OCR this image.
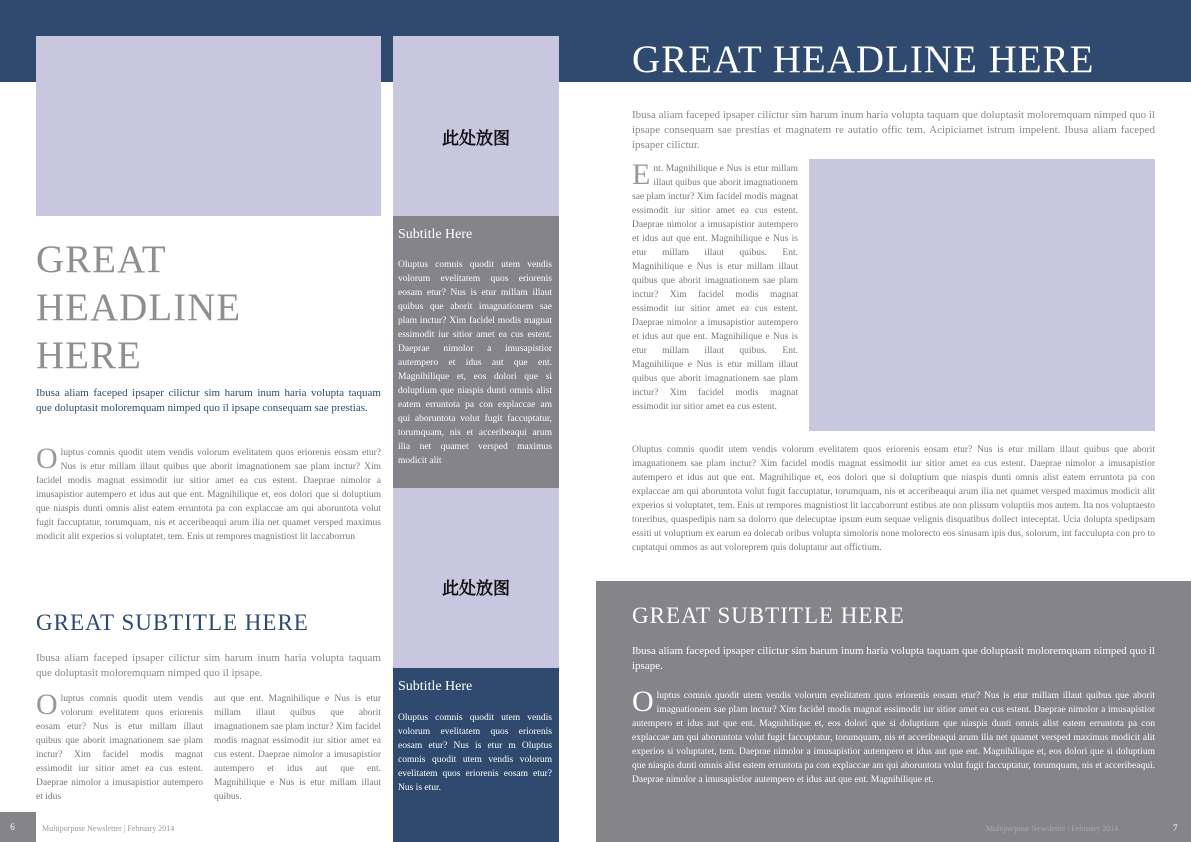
GREAT HEADLINE HERE
Ibusa aliam faceped ipsaper cilictur sim harum inum haria volupta taquam que doluptasit moloremquam nimped quo il ipsape consequam sae prestias.
Oluptus comnis quodit utem vendis volorum evelitatem quos eriorenis eosam etur? Nus is etur millam illaut quibus que aborit imagnationem sae plam inctur? Xim facidel modis magnat essimodit iur sitior amet ea cus estent. Daeprae nimolor a imusapistior autempero et idus aut que ent. Magnihilique et, eos dolori que si doluptium que niaspis dunti omnis alist eatem erruntota pa con explaccae am qui aboruntota volut fugit faccuptatur, torumquam, nis et acceribeaqui arum ilia net quamet versped maximus modicit alit experios si voluptatet, tem. Enis ut rempores magnistiost lit laccaborrun
GREAT SUBTITLE HERE
Ibusa aliam faceped ipsaper cilictur sim harum inum haria volupta taquam que doluptasit moloremquam nimped quo il ipsape.
Oluptus comnis quodit utem vendis volorum evelitatem quos eriorenis eosam etur? Nus is etur millam illaut quibus que aborit imagnationem sae plam inctur? Xim facidel modis magnat essimodit iur sitior amet ea cus estent. Daeprae nimolor a imusapistior autempero et idus
aut que ent. Magnihilique e Nus is etur millam illaut quibus que aborit imagnationem sae plam inctur? Xim facidel modis magnat essimodit iur sitior amet ea cus estent. Daeprae nimolor a imusapistior autempero et idus aut que ent. Magnihilique e Nus is etur millam illaut quibus.
6	Multiporpose Newsletter | February 2014
此处放图
Subtitle Here
Oluptus comnis quodit utem vendis volorum evelitatem quos eriorenis eosam etur? Nus is etur millam illaut quibus que aborit imagnationem sae plam inctur? Xim facidel modis magnat essimodit iur sitior amet ea cus estent. Daeprae nimolor a imusapistior autempero et idus aut que ent. Magnihilique et, eos dolori que si doluptium que niaspis dunti omnis alist eatem erruntota pa con explaccae am qui aboruntota volut fugit faccuptatur, torumquam, nis et acceribeaqui arum ilia net quamet versped maximus modicit alit
此处放图
Subtitle Here
Oluptus comnis quodit utem vendis volorum evelitatem quos eriorenis eosam etur? Nus is etur m Oluptus comnis quodit utem vendis volorum evelitatem quos eriorenis eosam etur? Nus is etur.
GREAT HEADLINE HERE
Ibusa aliam faceped ipsaper cilictur sim harum inum haria volupta taquam que doluptasit moloremquam nimped quo il ipsape consequam sae prestias et magnatem re autatio offic tem. Acipiciamet istrum impelent. Ibusa aliam faceped ipsaper cilictur.
Ent. Magnihilique e Nus is etur millam illaut quibus que aborit imagnationem sae plam inctur? Xim facidel modis magnat essimodit iur sitior amet ea cus estent. Daeprae nimolor a imusapistior autempero et idus aut que ent. Magnihilique e Nus is etur millam illaut quibus. Ent. Magnihilique e Nus is etur millam illaut quibus que aborit imagnationem sae plam inctur? Xim facidel modis magnat essimodit iur sitior amet ea cus estent. Daeprae nimolor a imusapistior autempero et idus aut que ent. Magnihilique e Nus is etur millam illaut quibus. Ent. Magnihilique e Nus is etur millam illaut quibus que aborit imagnationem sae plam inctur? Xim facidel modis magnat essimodit iur sitior amet ea cus estent.
Oluptus comnis quodit utem vendis volorum evelitatem quos eriorenis eosam etur? Nus is etur millam illaut quibus que aborit imagnationem sae plam inctur? Xim facidel modis magnat essimodit iur sitior amet ea cus estent. Daeprae nimolor a imusapistior autempero et idus aut que ent. Magnihilique et, eos dolori que si doluptium que niaspis dunti omnis alist eatem erruntota pa con explaccae am qui aboruntota volut fugit faccuptatur, torumquam, nis et acceribeaqui arum ilia net quamet versped maximus modicit alit experios si voluptatet, tem. Enis ut rempores magnistiost lit laccaborrunt estibus ate non plissum voluptiis mos autem. Ita nos voluptaesto toreribus, quaspedipis nam sa dolorro que delecuptae ipsum eum sequae velignis disquatibus dollect inteceptat. Ucia dolupta spedipsam essiti ut voluptium ex earum ea dolecab oribus volupta simoloris none molorecto eos sinusam ipis dus, solorum, int facculupta con pro to cuptatqui ommos as aut voloreprem quis doluptatur aut offictium.
GREAT SUBTITLE HERE
Ibusa aliam faceped ipsaper cilictur sim harum inum haria volupta taquam que doluptasit moloremquam nimped quo il ipsape.
Oluptus comnis quodit utem vendis volorum evelitatem quos eriorenis eosam etur? Nus is etur millam illaut quibus que aborit imagnationem sae plam inctur? Xim facidel modis magnat essimodit iur sitior amet ea cus estent. Daeprae nimolor a imusapistior autempero et idus aut que ent. Magnihilique et, eos dolori que si doluptium que niaspis dunti omnis alist eatem erruntota pa con explaccae am qui aboruntota volut fugit faccuptatur, torumquam, nis et acceribeaqui arum ilia net quamet versped maximus modicit alit experios si voluptatet, tem. Daeprae nimolor a imusapistior autempero et idus aut que ent. Magnihilique et, eos dolori que si doluptium que niaspis dunti omnis alist eatem erruntota pa con explaccae am qui aboruntota volut fugit faccuptatur, torumquam, nis et acceribeaqui. Daeprae nimolor a imusapistior autempero et idus aut que ent. Magnihilique et.
Multiporpose Newsletter | February 2014	7
